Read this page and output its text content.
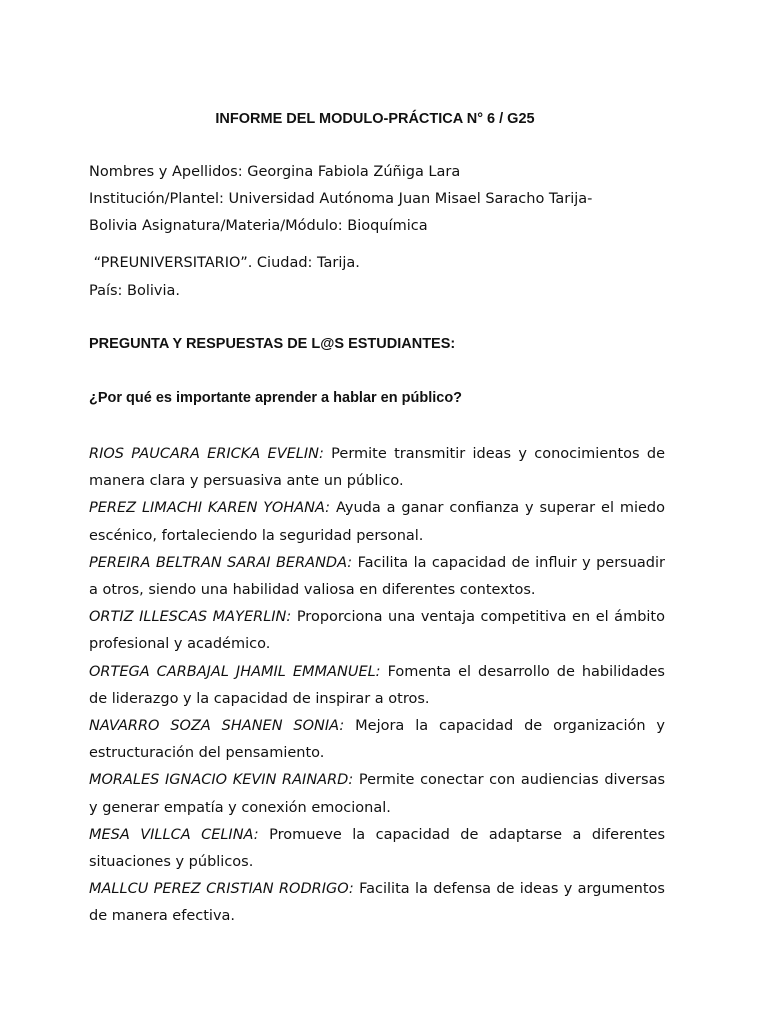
INFORME DEL MODULO-PRÁCTICA N° 6 / G25
Nombres y Apellidos: Georgina Fabiola Zúñiga Lara
Institución/Plantel: Universidad Autónoma Juan Misael Saracho Tarija-
Bolivia Asignatura/Materia/Módulo: Bioquímica
“PREUNIVERSITARIO”. Ciudad: Tarija.
País: Bolivia.
PREGUNTA Y RESPUESTAS DE L@S ESTUDIANTES:
¿Por qué es importante aprender a hablar en público?

RIOS PAUCARA ERICKA EVELIN: Permite transmitir ideas y conocimientos de manera clara y persuasiva ante un público.

PEREZ LIMACHI KAREN YOHANA: Ayuda a ganar confianza y superar el miedo escénico, fortaleciendo la seguridad personal.

PEREIRA BELTRAN SARAI BERANDA: Facilita la capacidad de influir y persuadir a otros, siendo una habilidad valiosa en diferentes contextos.

ORTIZ ILLESCAS MAYERLIN: Proporciona una ventaja competitiva en el ámbito profesional y académico.

ORTEGA CARBAJAL JHAMIL EMMANUEL: Fomenta el desarrollo de habilidades de liderazgo y la capacidad de inspirar a otros.

NAVARRO SOZA SHANEN SONIA: Mejora la capacidad de organización y estructuración del pensamiento.

MORALES IGNACIO KEVIN RAINARD: Permite conectar con audiencias diversas y generar empatía y conexión emocional.

MESA VILLCA CELINA: Promueve la capacidad de adaptarse a diferentes situaciones y públicos.

MALLCU PEREZ CRISTIAN RODRIGO: Facilita la defensa de ideas y argumentos de manera efectiva.
